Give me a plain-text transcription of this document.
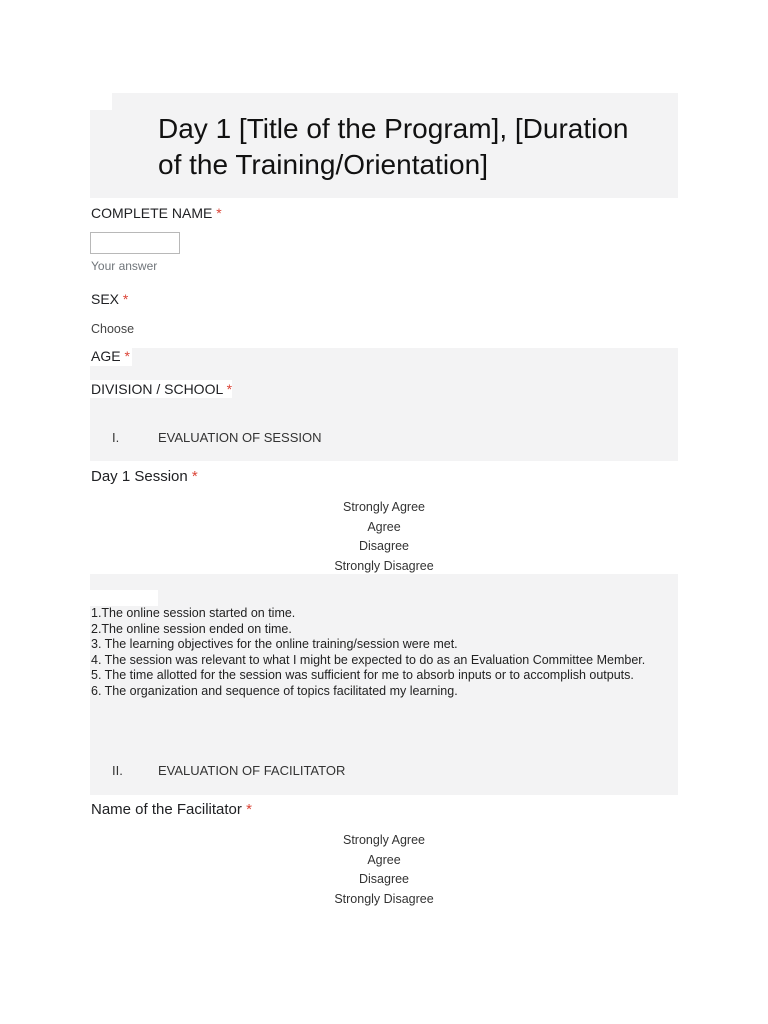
Day 1 [Title of the Program], [Duration
of the Training/Orientation]
COMPLETE NAME *
Your answer
SEX *
Choose
AGE *
DIVISION / SCHOOL *
I.	EVALUATION OF SESSION
Day 1 Session *
Strongly Agree
Agree
Disagree
Strongly Disagree
1.The online session started on time.
2.The online session ended on time.
3. The learning objectives for the online training/session were met.
4. The session was relevant to what I might be expected to do as an Evaluation Committee Member.
5. The time allotted for the session was sufficient for me to absorb inputs or to accomplish outputs.
6. The organization and sequence of topics facilitated my learning.
II.	EVALUATION OF FACILITATOR
Name of the Facilitator *
Strongly Agree
Agree
Disagree
Strongly Disagree
